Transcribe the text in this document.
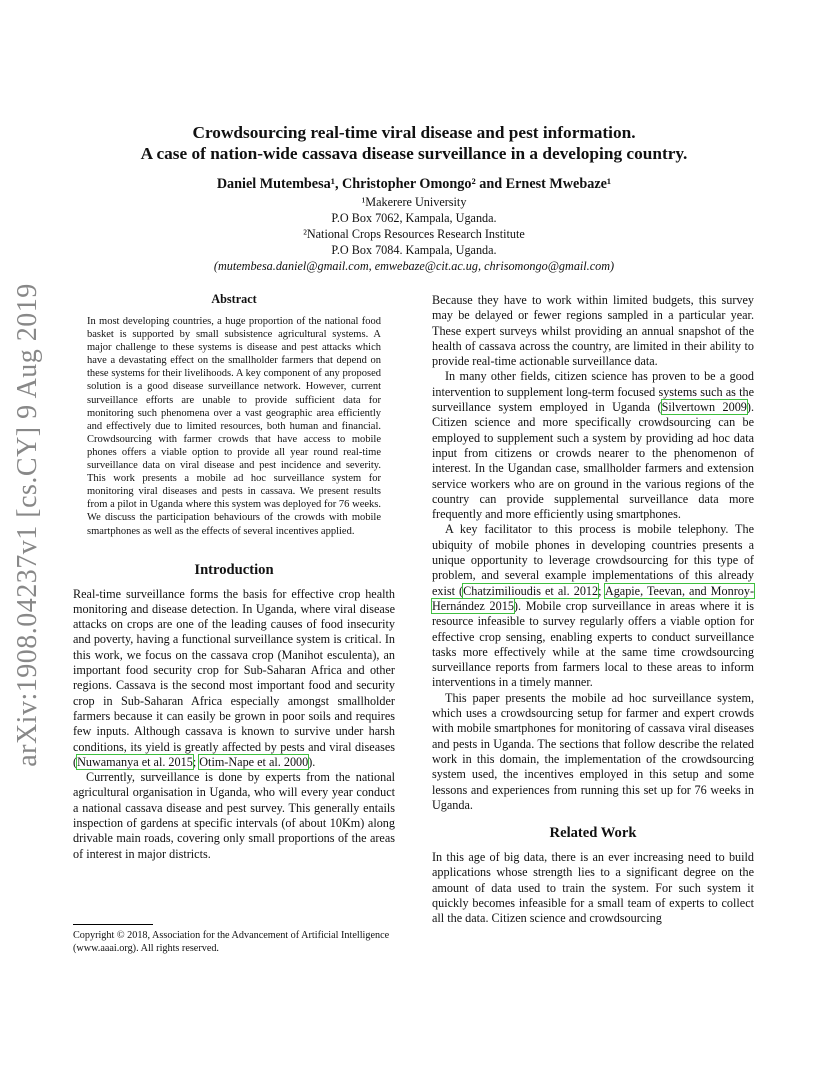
arXiv:1908.04237v1 [cs.CY] 9 Aug 2019
Crowdsourcing real-time viral disease and pest information.
A case of nation-wide cassava disease surveillance in a developing country.
Daniel Mutembesa¹, Christopher Omongo² and Ernest Mwebaze¹
¹Makerere University
P.O Box 7062, Kampala, Uganda.
²National Crops Resources Research Institute
P.O Box 7084. Kampala, Uganda.
(mutembesa.daniel@gmail.com, emwebaze@cit.ac.ug, chrisomongo@gmail.com)
Abstract

In most developing countries, a huge proportion of the national food basket is supported by small subsistence agricultural systems. A major challenge to these systems is disease and pest attacks which have a devastating effect on the smallholder farmers that depend on these systems for their livelihoods. A key component of any proposed solution is a good disease surveillance network. However, current surveillance efforts are unable to provide sufficient data for monitoring such phenomena over a vast geographic area efficiently and effectively due to limited resources, both human and financial. Crowdsourcing with farmer crowds that have access to mobile phones offers a viable option to provide all year round real-time surveillance data on viral disease and pest incidence and severity. This work presents a mobile ad hoc surveillance system for monitoring viral diseases and pests in cassava. We present results from a pilot in Uganda where this system was deployed for 76 weeks. We discuss the participation behaviours of the crowds with mobile smartphones as well as the effects of several incentives applied.

Introduction

Real-time surveillance forms the basis for effective crop health monitoring and disease detection. In Uganda, where viral disease attacks on crops are one of the leading causes of food insecurity and poverty, having a functional surveillance system is critical. In this work, we focus on the cassava crop (Manihot esculenta), an important food security crop for Sub-Saharan Africa and other regions. Cassava is the second most important food and security crop in Sub-Saharan Africa especially amongst smallholder farmers because it can easily be grown in poor soils and requires few inputs. Although cassava is known to survive under harsh conditions, its yield is greatly affected by pests and viral diseases (Nuwamanya et al. 2015; Otim-Nape et al. 2000).

Currently, surveillance is done by experts from the national agricultural organisation in Uganda, who will every year conduct a national cassava disease and pest survey. This generally entails inspection of gardens at specific intervals (of about 10Km) along drivable main roads, covering only small proportions of the areas of interest in major districts.

Copyright © 2018, Association for the Advancement of Artificial Intelligence (www.aaai.org). All rights reserved.

Because they have to work within limited budgets, this survey may be delayed or fewer regions sampled in a particular year. These expert surveys whilst providing an annual snapshot of the health of cassava across the country, are limited in their ability to provide real-time actionable surveillance data.

In many other fields, citizen science has proven to be a good intervention to supplement long-term focused systems such as the surveillance system employed in Uganda (Silvertown 2009). Citizen science and more specifically crowdsourcing can be employed to supplement such a system by providing ad hoc data input from citizens or crowds nearer to the phenomenon of interest. In the Ugandan case, smallholder farmers and extension service workers who are on ground in the various regions of the country can provide supplemental surveillance data more frequently and more efficiently using smartphones.

A key facilitator to this process is mobile telephony. The ubiquity of mobile phones in developing countries presents a unique opportunity to leverage crowdsourcing for this type of problem, and several example implementations of this already exist (Chatzimilioudis et al. 2012; Agapie, Teevan, and Monroy-Hernández 2015). Mobile crop surveillance in areas where it is resource infeasible to survey regularly offers a viable option for effective crop sensing, enabling experts to conduct surveillance tasks more effectively while at the same time crowdsourcing surveillance reports from farmers local to these areas to inform interventions in a timely manner.

This paper presents the mobile ad hoc surveillance system, which uses a crowdsourcing setup for farmer and expert crowds with mobile smartphones for monitoring of cassava viral diseases and pests in Uganda. The sections that follow describe the related work in this domain, the implementation of the crowdsourcing system used, the incentives employed in this setup and some lessons and experiences from running this set up for 76 weeks in Uganda.

Related Work

In this age of big data, there is an ever increasing need to build applications whose strength lies to a significant degree on the amount of data used to train the system. For such system it quickly becomes infeasible for a small team of experts to collect all the data. Citizen science and crowdsourcing
